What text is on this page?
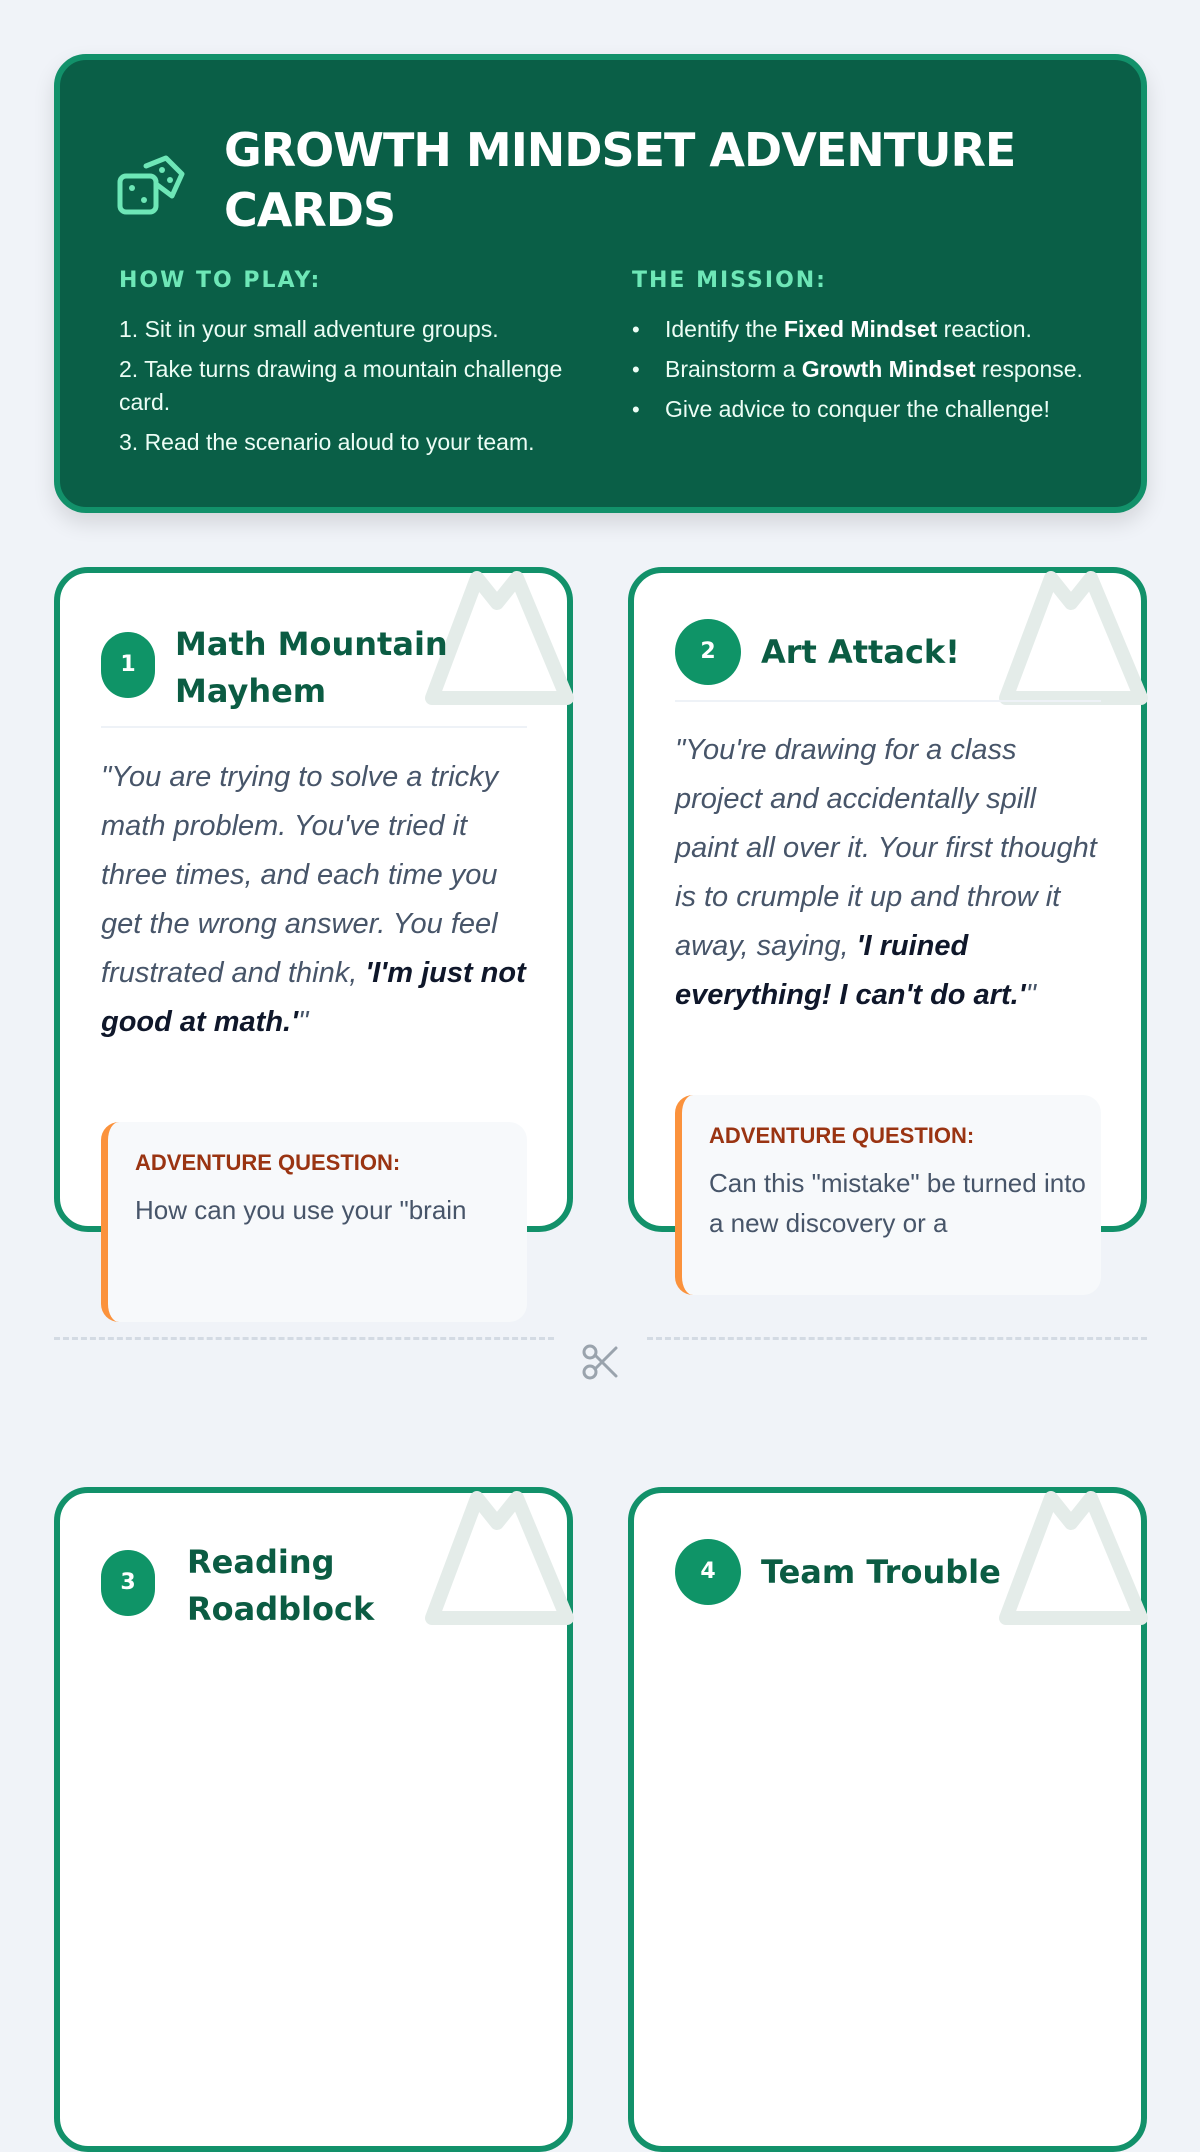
GROWTH MINDSET ADVENTURE CARDS
HOW TO PLAY:
1. Sit in your small adventure groups.
2. Take turns drawing a mountain challenge card.
3. Read the scenario aloud to your team.
THE MISSION:
• Identify the Fixed Mindset reaction.
• Brainstorm a Growth Mindset response.
• Give advice to conquer the challenge!
1
Math Mountain Mayhem
"You are trying to solve a tricky math problem. You've tried it three times, and each time you get the wrong answer. You feel frustrated and think, 'I'm just not good at math.'"
ADVENTURE QUESTION:
How can you use your "brain
2	Art Attack!
"You're drawing for a class project and accidentally spill paint all over it. Your first thought is to crumple it up and throw it away, saying, 'I ruined everything! I can't do art.'"
ADVENTURE QUESTION:
Can this "mistake" be turned into a new discovery or a
3
Reading Roadblock
4	Team Trouble
